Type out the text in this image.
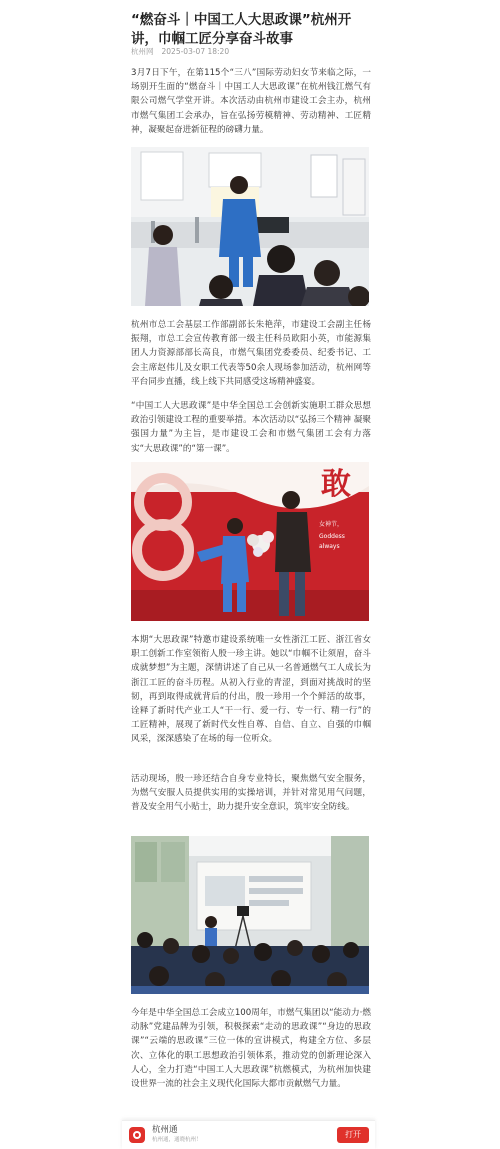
“燃奋斗｜中国工人大思政课”杭州开讲，巾帼工匠分享奋斗故事
杭州网 2025-03-07 18:20

3月7日下午，在第115个“三八”国际劳动妇女节来临之际，一场别开生面的“燃奋斗｜中国工人大思政课”在杭州钱江燃气有限公司燃气学堂开讲。本次活动由杭州市建设工会主办，杭州市燃气集团工会承办，旨在弘扬劳模精神、劳动精神、工匠精神，凝聚起奋进新征程的磅礴力量。

杭州市总工会基层工作部副部长朱艳萍，市建设工会副主任杨振翔，市总工会宣传教育部一级主任科员欧阳小英，市能源集团人力资源部部长高良，市燃气集团党委委员、纪委书记、工会主席赵伟儿及女职工代表等50余人现场参加活动，杭州网等平台同步直播，线上线下共同感受这场精神盛宴。

“中国工人大思政课”是中华全国总工会创新实施职工群众思想政治引领建设工程的重要举措。本次活动以“弘扬三个精神 凝聚强国力量”为主旨，是市建设工会和市燃气集团工会有力落实“大思政课”的“第一课”。

敢
女神节，
Goddess
always

本期“大思政课”特邀市建设系统唯一女性浙江工匠、浙江省女职工创新工作室领衔人殷一珍主讲。她以“巾帼不让须眉，奋斗成就梦想”为主题，深情讲述了自己从一名普通燃气工人成长为浙江工匠的奋斗历程。从初入行业的青涩，到面对挑战时的坚韧，再到取得成就背后的付出，殷一珍用一个个鲜活的故事，诠释了新时代产业工人“干一行、爱一行、专一行、精一行”的工匠精神，展现了新时代女性自尊、自信、自立、自强的巾帼风采，深深感染了在场的每一位听众。

活动现场，殷一珍还结合自身专业特长，聚焦燃气安全服务，为燃气安服人员提供实用的实操培训，并针对常见用气问题，普及安全用气小贴士，助力提升安全意识，筑牢安全防线。

今年是中华全国总工会成立100周年，市燃气集团以“能动力·燃动脉”党建品牌为引领，积极探索“走动的思政课”“身边的思政课”“云端的思政课”三位一体的宣讲模式，构建全方位、多层次、立体化的职工思想政治引领体系，推动党的创新理论深入人心，全力打造“中国工人大思政课”杭燃模式，为杭州加快建设世界一流的社会主义现代化国际大都市贡献燃气力量。

杭州通
杭州通，通晓杭州！
打开
